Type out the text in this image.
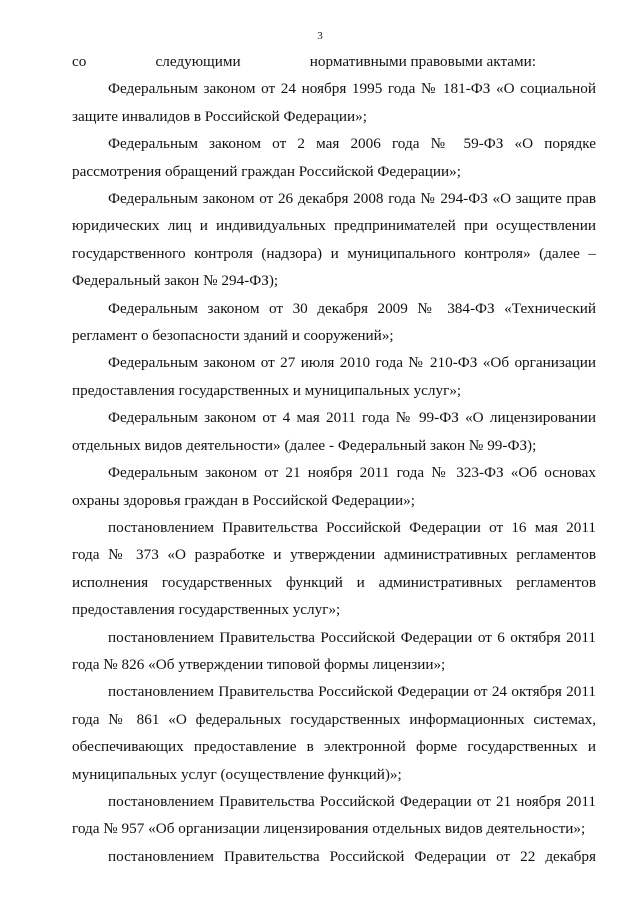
3
со	следующими	нормативными правовыми актами:

Федеральным законом от 24 ноября 1995 года № 181-ФЗ «О социальной защите инвалидов в Российской Федерации»;

Федеральным законом от 2 мая 2006 года № 59-ФЗ «О порядке рассмотрения обращений граждан Российской Федерации»;

Федеральным законом от 26 декабря 2008 года № 294-ФЗ «О защите прав юридических лиц и индивидуальных предпринимателей при осуществлении государственного контроля (надзора) и муниципального контроля» (далее – Федеральный закон № 294-ФЗ);

Федеральным законом от 30 декабря 2009 № 384-ФЗ «Технический регламент о безопасности зданий и сооружений»;

Федеральным законом от 27 июля 2010 года № 210-ФЗ «Об организации предоставления государственных и муниципальных услуг»;

Федеральным законом от 4 мая 2011 года № 99-ФЗ «О лицензировании отдельных видов деятельности» (далее - Федеральный закон № 99-ФЗ);

Федеральным законом от 21 ноября 2011 года № 323-ФЗ «Об основах охраны здоровья граждан в Российской Федерации»;

постановлением Правительства Российской Федерации от 16 мая 2011 года № 373 «О разработке и утверждении административных регламентов исполнения государственных функций и административных регламентов предоставления государственных услуг»;

постановлением Правительства Российской Федерации от 6 октября 2011 года № 826 «Об утверждении типовой формы лицензии»;

постановлением Правительства Российской Федерации от 24 октября 2011 года № 861 «О федеральных государственных информационных системах, обеспечивающих предоставление в электронной форме государственных и муниципальных услуг (осуществление функций)»;

постановлением Правительства Российской Федерации от 21 ноября 2011 года № 957 «Об организации лицензирования отдельных видов деятельности»;

постановлением Правительства Российской Федерации от 22 декабря
